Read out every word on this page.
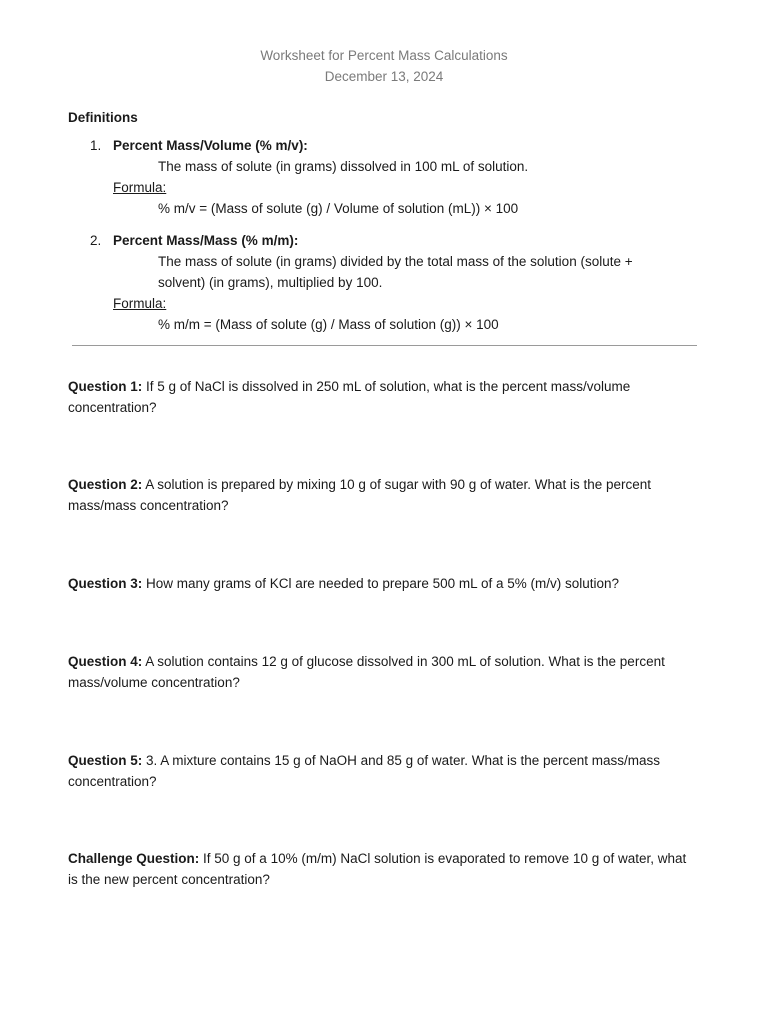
Worksheet for Percent Mass Calculations
December 13, 2024
Definitions
1. Percent Mass/Volume (% m/v):
The mass of solute (in grams) dissolved in 100 mL of solution.
Formula:
% m/v = (Mass of solute (g) / Volume of solution (mL)) × 100
2. Percent Mass/Mass (% m/m):
The mass of solute (in grams) divided by the total mass of the solution (solute + solvent) (in grams), multiplied by 100.
Formula:
% m/m = (Mass of solute (g) / Mass of solution (g)) × 100
Question 1: If 5 g of NaCl is dissolved in 250 mL of solution, what is the percent mass/volume concentration?
Question 2: A solution is prepared by mixing 10 g of sugar with 90 g of water. What is the percent mass/mass concentration?
Question 3: How many grams of KCl are needed to prepare 500 mL of a 5% (m/v) solution?
Question 4: A solution contains 12 g of glucose dissolved in 300 mL of solution. What is the percent mass/volume concentration?
Question 5: 3. A mixture contains 15 g of NaOH and 85 g of water. What is the percent mass/mass concentration?
Challenge Question: If 50 g of a 10% (m/m) NaCl solution is evaporated to remove 10 g of water, what is the new percent concentration?
